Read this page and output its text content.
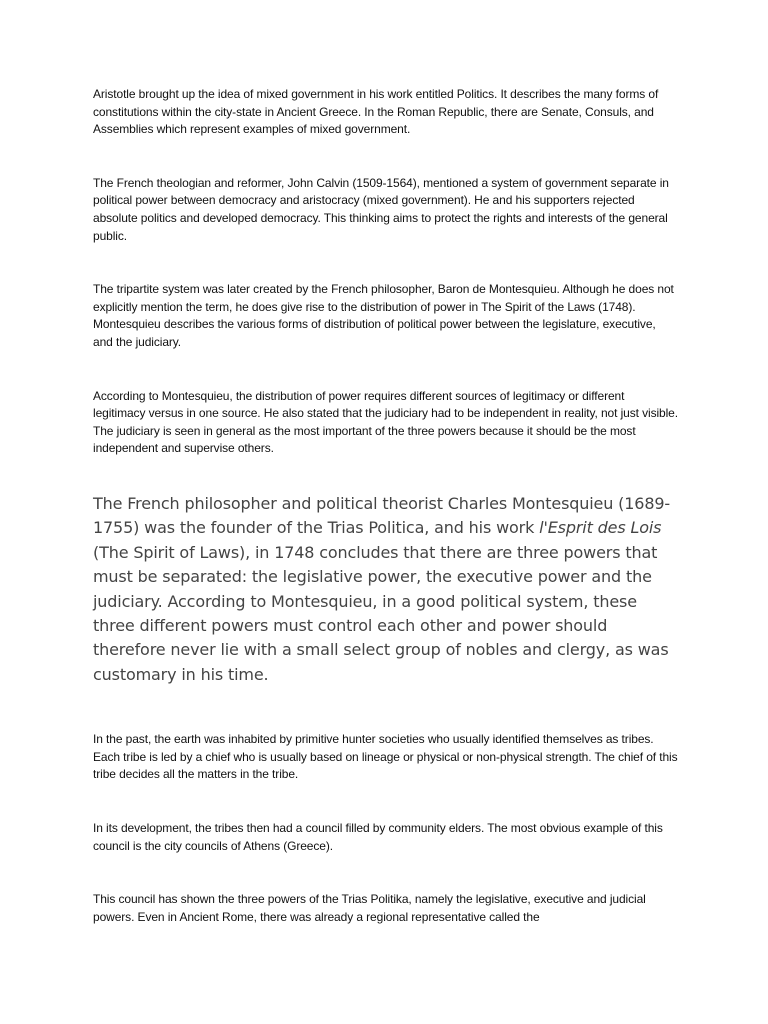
Aristotle brought up the idea of mixed government in his work entitled Politics. It describes the many forms of constitutions within the city-state in Ancient Greece. In the Roman Republic, there are Senate, Consuls, and Assemblies which represent examples of mixed government.

The French theologian and reformer, John Calvin (1509-1564), mentioned a system of government separate in political power between democracy and aristocracy (mixed government). He and his supporters rejected absolute politics and developed democracy. This thinking aims to protect the rights and interests of the general public.

The tripartite system was later created by the French philosopher, Baron de Montesquieu. Although he does not explicitly mention the term, he does give rise to the distribution of power in The Spirit of the Laws (1748). Montesquieu describes the various forms of distribution of political power between the legislature, executive, and the judiciary.

According to Montesquieu, the distribution of power requires different sources of legitimacy or different legitimacy versus in one source. He also stated that the judiciary had to be independent in reality, not just visible. The judiciary is seen in general as the most important of the three powers because it should be the most independent and supervise others.

The French philosopher and political theorist Charles Montesquieu (1689-1755) was the founder of the Trias Politica, and his work l'Esprit des Lois (The Spirit of Laws), in 1748 concludes that there are three powers that must be separated: the legislative power, the executive power and the judiciary. According to Montesquieu, in a good political system, these three different powers must control each other and power should therefore never lie with a small select group of nobles and clergy, as was customary in his time.

In the past, the earth was inhabited by primitive hunter societies who usually identified themselves as tribes. Each tribe is led by a chief who is usually based on lineage or physical or non-physical strength. The chief of this tribe decides all the matters in the tribe.

In its development, the tribes then had a council filled by community elders. The most obvious example of this council is the city councils of Athens (Greece).

This council has shown the three powers of the Trias Politika, namely the legislative, executive and judicial powers. Even in Ancient Rome, there was already a regional representative called the
